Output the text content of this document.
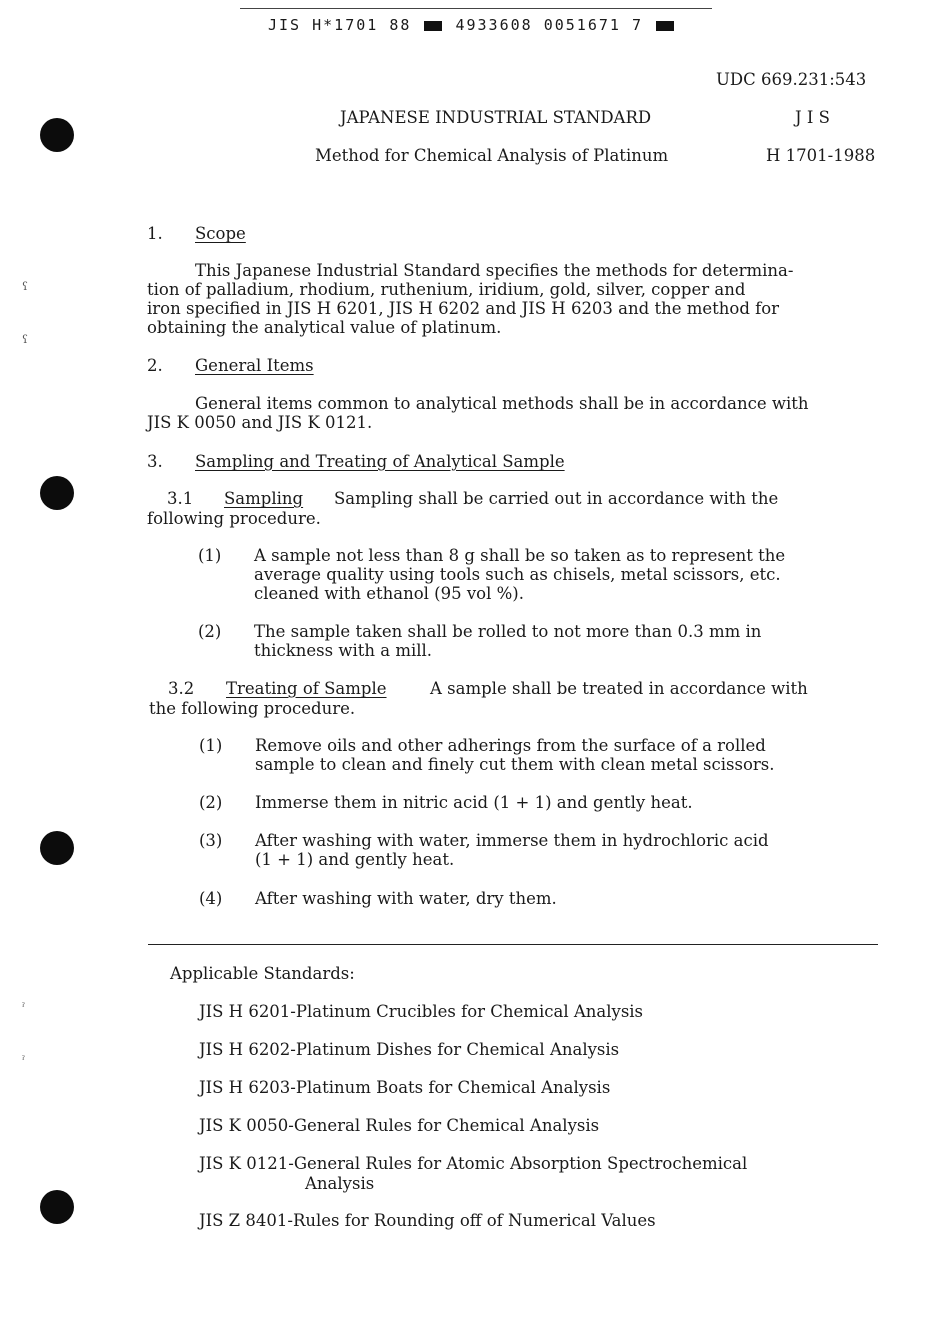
JIS H*1701 88	4933608 0051671 7
ʕ
ʕ
ˀ
ˀ
UDC 669.231:543
JAPANESE INDUSTRIAL STANDARD	J I S
Method for Chemical Analysis of Platinum	H 1701-1988
1. Scope
This Japanese Industrial Standard specifies the methods for determina-
tion of palladium, rhodium, ruthenium, iridium, gold, silver, copper and
iron specified in JIS H 6201, JIS H 6202 and JIS H 6203 and the method for
obtaining the analytical value of platinum.
2. General Items
General items common to analytical methods shall be in accordance with
JIS K 0050 and JIS K 0121.
3. Sampling and Treating of Analytical Sample
3.1 Sampling Sampling shall be carried out in accordance with the
following procedure.
(1) A sample not less than 8 g shall be so taken as to represent the
average quality using tools such as chisels, metal scissors, etc.
cleaned with ethanol (95 vol %).
(2) The sample taken shall be rolled to not more than 0.3 mm in
thickness with a mill.
3.2 Treating of Sample	A sample shall be treated in accordance with
the following procedure.
(1) Remove oils and other adherings from the surface of a rolled
sample to clean and finely cut them with clean metal scissors.
(2) Immerse them in nitric acid (1 + 1) and gently heat.
(3) After washing with water, immerse them in hydrochloric acid
(1 + 1) and gently heat.
(4) After washing with water, dry them.
Applicable Standards:
JIS H 6201-Platinum Crucibles for Chemical Analysis
JIS H 6202-Platinum Dishes for Chemical Analysis
JIS H 6203-Platinum Boats for Chemical Analysis
JIS K 0050-General Rules for Chemical Analysis
JIS K 0121-General Rules for Atomic Absorption Spectrochemical
Analysis
JIS Z 8401-Rules for Rounding off of Numerical Values
